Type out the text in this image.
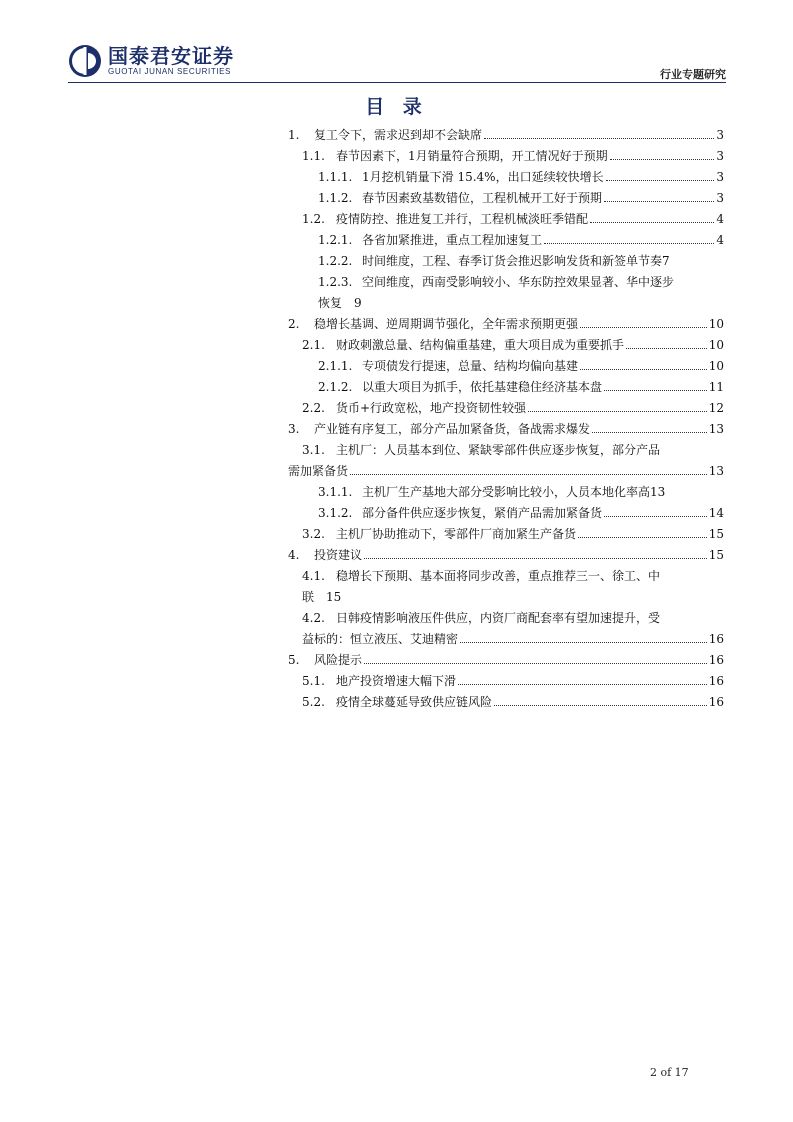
国泰君安证券
GUOTAI JUNAN SECURITIES	行业专题研究
目 录
1.	复工令下，需求迟到却不会缺席	3
1.1. 春节因素下，1月销量符合预期，开工情况好于预期	3
1.1.1. 1月挖机销量下滑 15.4%，出口延续较快增长	3
1.1.2. 春节因素致基数错位，工程机械开工好于预期	3
1.2. 疫情防控、推进复工并行，工程机械淡旺季错配	4
1.2.1. 各省加紧推进，重点工程加速复工	4
1.2.2. 时间维度，工程、春季订货会推迟影响发货和新签单节奏 7
1.2.3. 空间维度，西南受影响较小、华东防控效果显著、华中逐步
恢复 9
2.	稳增长基调、逆周期调节强化，全年需求预期更强	10
2.1. 财政刺激总量、结构偏重基建，重大项目成为重要抓手	10
2.1.1. 专项债发行提速，总量、结构均偏向基建	10
2.1.2. 以重大项目为抓手，依托基建稳住经济基本盘	11
2.2. 货币+行政宽松，地产投资韧性较强	12
3.	产业链有序复工，部分产品加紧备货，备战需求爆发	13
3.1. 主机厂：人员基本到位、紧缺零部件供应逐步恢复，部分产品
需加紧备货	13
3.1.1. 主机厂生产基地大部分受影响比较小，人员本地化率高 13
3.1.2. 部分备件供应逐步恢复，紧俏产品需加紧备货	14
3.2. 主机厂协助推动下，零部件厂商加紧生产备货	15
4.	投资建议	15
4.1. 稳增长下预期、基本面将同步改善，重点推荐三一、徐工、中
联 15
4.2. 日韩疫情影响液压件供应，内资厂商配套率有望加速提升，受
益标的：恒立液压、艾迪精密	16
5.	风险提示	16
5.1. 地产投资增速大幅下滑	16
5.2. 疫情全球蔓延导致供应链风险	16
2 of 17
